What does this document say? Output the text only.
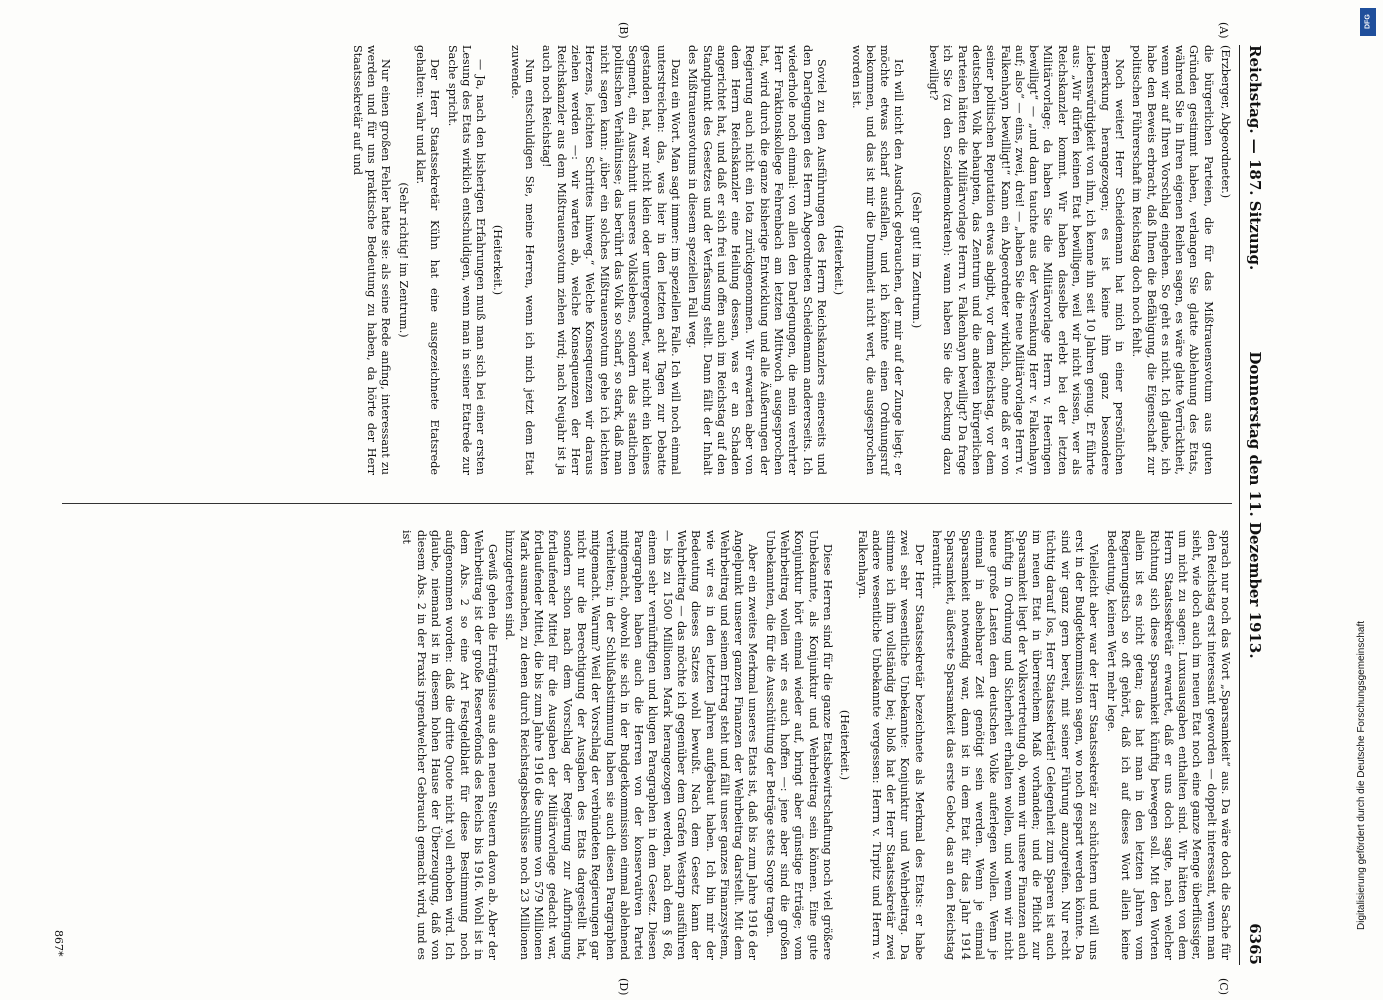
Reichstag. — 187. Sitzung.
Donnerstag den 11. Dezember 1913.
6365
(A)
(B)
(C)
(D)

(Erzberger, Abgeordneter.)

die bürgerlichen Parteien, die für das Mißtrauensvotum aus guten Gründen gestimmt haben, verlangen Sie glatte Ablehnung des Etats, während Sie in Ihren eigenen Reihen sagen, es wäre glatte Verrücktheit, wenn wir auf Ihren Vorschlag eingehen. So geht es nicht. Ich glaube, ich habe den Beweis erbracht, daß Ihnen die Befähigung, die Eigenschaft zur politischen Führerschaft im Reichstag doch noch fehlt.

Noch weiter! Herr Scheidemann hat mich in einer persönlichen Bemerkung herangezogen; es ist keine ihm ganz besondere Liebenswürdigkeit von ihm, ich kenne ihn seit 10 Jahren genug. Er führte aus: „Wir dürfen keinen Etat bewilligen, weil wir nicht wissen, wer als Reichskanzler kommt. Wir haben dasselbe erlebt bei der letzten Militärvorlage; da haben Sie die Militärvorlage Herrn v. Heeringen bewilligt“ — „und dann tauchte aus der Versenkung Herr v. Falkenhayn auf; also“ — eins, zwei, drei! — „haben Sie die neue Militärvorlage Herrn v. Falkenhayn bewilligt!“ Kann ein Abgeordneter wirklich, ohne daß er von seiner politischen Reputation etwas abgibt, vor dem Reichstag, vor dem deutschen Volk behaupten, das Zentrum und die anderen bürgerlichen Parteien hätten die Militärvorlage Herrn v. Falkenhayn bewilligt? Da frage ich Sie (zu den Sozialdemokraten): wann haben Sie die Deckung dazu bewilligt?

(Sehr gut! im Zentrum.)

Ich will nicht den Ausdruck gebrauchen, der mir auf der Zunge liegt; er möchte etwas scharf ausfallen, und ich könnte einen Ordnungsruf bekommen, und das ist mir die Dummheit nicht wert, die ausgesprochen worden ist.

(Heiterkeit.)

Soviel zu den Ausführungen des Herrn Reichskanzlers einerseits und den Darlegungen des Herrn Abgeordneten Scheidemann andererseits. Ich wiederhole noch einmal: von allen den Darlegungen, die mein verehrter Herr Fraktionskollege Fehrenbach am letzten Mittwoch ausgesprochen hat, wird durch die ganze bisherige Entwicklung und alle Äußerungen der Regierung auch nicht ein Iota zurückgenommen. Wir erwarten aber von dem Herrn Reichskanzler eine Heilung dessen, was er an Schaden angerichtet hat, und daß er sich frei und offen auch im Reichstag auf den Standpunkt des Gesetzes und der Verfassung stellt. Dann fällt der Inhalt des Mißtrauensvotums in diesem speziellen Fall weg.

Dazu ein Wort. Man sagt immer: im speziellen Falle. Ich will noch einmal unterstreichen: das, was hier in den letzten acht Tagen zur Debatte gestanden hat, war nicht klein oder untergeordnet, war nicht ein kleines Segment, ein Ausschnitt unseres Volkslebens, sondern das staatlichen politischen Verhältnisse; das berührt das Volk so scharf, so stark, daß man nicht sagen kann: „über ein solches Mißtrauensvotum gehe ich leichten Herzens, leichten Schrittes hinweg.“ Welche Konsequenzen wir daraus ziehen werden —: wir warten ab, welche Konsequenzen der Herr Reichskanzler aus dem Mißtrauensvotum ziehen wird; nach Neujahr ist ja auch noch Reichstag!

Nun entschuldigen Sie, meine Herren, wenn ich mich jetzt dem Etat zuwende.

(Heiterkeit.)

— Ja, nach den bisherigen Erfahrungen muß man sich bei einer ersten Lesung des Etats wirklich entschuldigen, wenn man in seiner Etatrede zur Sache spricht.

Der Herr Staatssekretär Kühn hat eine ausgezeichnete Etatsrede gehalten: wahr und klar.

(Sehr richtig! im Zentrum.)

Nur einen großen Fehler hatte sie: als seine Rede anfing, interessant zu werden und für uns praktische Bedeutung zu haben, da hörte der Herr Staatssekretär auf und

sprach nur noch das Wort „Sparsamkeit“ aus. Da wäre doch die Sache für den Reichstag erst interessant geworden — doppelt interessant, wenn man sieht, wie doch auch im neuen Etat noch eine ganze Menge überflüssiger, um nicht zu sagen: Luxusausgaben enthalten sind. Wir hätten von dem Herrn Staatssekretär erwartet, daß er uns doch sagte, nach welcher Richtung sich diese Sparsamkeit künftig bewegen soll. Mit den Worten allein ist es nicht getan; das hat man in den letzten Jahren vom Regierungstisch so oft gehört, daß ich auf dieses Wort allein keine Bedeutung, keinen Wert mehr lege.

Vielleicht aber war der Herr Staatssekretär zu schüchtern und will uns erst in der Budgetkommission sagen, wo noch gespart werden könnte. Da sind wir ganz gern bereit, mit seiner Führung anzugreifen. Nur recht tüchtig darauf los, Herr Staatssekretär! Gelegenheit zum Sparen ist auch im neuen Etat in überreichem Maß vorhanden; und die Pflicht zur Sparsamkeit liegt der Volksvertretung ob, wenn wir unsere Finanzen auch künftig in Ordnung und Sicherheit erhalten wollen, und wenn wir nicht neue große Lasten dem deutschen Volke auferlegen wollen. Wenn je einmal in absehbarer Zeit genötigt sein werden. Wenn je einmal Sparsamkeit notwendig war, dann ist in dem Etat für das Jahr 1914 Sparsamkeit, äußerste Sparsamkeit das erste Gebot, das an den Reichstag herantritt.

Der Herr Staatssekretär bezeichnete als Merkmal des Etats: er habe zwei sehr wesentliche Unbekannte: Konjunktur und Wehrbeitrag. Da stimme ich ihm vollständig bei; bloß hat der Herr Staatssekretär zwei andere wesentliche Unbekannte vergessen: Herrn v. Tirpitz und Herrn v. Falkenhayn.

(Heiterkeit.)

Diese Herren sind für die ganze Etatsbewirtschaftung noch viel größere Unbekannte, als Konjunktur und Wehrbeitrag sein können. Eine gute Konjunktur hört einmal wieder auf, bringt aber günstige Erträge; vom Wehrbeitrag wollen wir es auch hoffen —: jene aber sind die großen Unbekannten, die für die Ausschüttung der Beträge stets Sorge tragen.

Aber ein zweites Merkmal unseres Etats ist, daß bis zum Jahre 1916 der Angelpunkt unserer ganzen Finanzen der Wehrbeitrag darstellt. Mit dem Wehrbeitrag und seinem Ertrag steht und fällt unser ganzes Finanzsystem, wie wir es in den letzten Jahren aufgebaut haben. Ich bin mir der Bedeutung dieses Satzes wohl bewußt. Nach dem Gesetz kann der Wehrbeitrag — das möchte ich gegenüber dem Grafen Westarp ausführen — bis zu 1500 Millionen Mark herangezogen werden, nach dem § 68, einem sehr vernünftigen und klugen Paragraphen in dem Gesetz. Diesen Paragraphen haben auch die Herren von der konservativen Partei mitgemacht, obwohl sie sich in der Budgetkommission einmal ablehnend verhielten; in der Schlußabstimmung haben sie auch diesen Paragraphen mitgemacht. Warum? Weil der Vorschlag der verbündeten Regierungen gar nicht nur die Berechtigung der Ausgaben des Etats dargestellt hat, sondern schon nach dem Vorschlag der Regierung zur Aufbringung fortlaufender Mittel für die Ausgaben der Militärvorlage gedacht war, fortlaufender Mittel, die bis zum Jahre 1916 die Summe von 579 Millionen Mark ausmachen, zu denen durch Reichstagsbeschlüsse noch 23 Millionen hinzugetreten sind.

Gewiß gehen die Erträgnisse aus den neuen Steuern davon ab. Aber der Wehrbeitrag ist der große Reservefonds des Reichs bis 1916. Wohl ist in dem Abs. 2 so eine Art Festgeldblatt für diese Bestimmung noch aufgenommen worden: daß die dritte Quote nicht voll erhoben wird. Ich glaube, niemand ist in diesem hohen Hause der Überzeugung, daß von diesem Abs. 2 in der Praxis irgendwelcher Gebrauch gemacht wird, und es ist

867*
DFG
Digitalisierung gefördert durch die Deutsche Forschungsgemeinschaft
